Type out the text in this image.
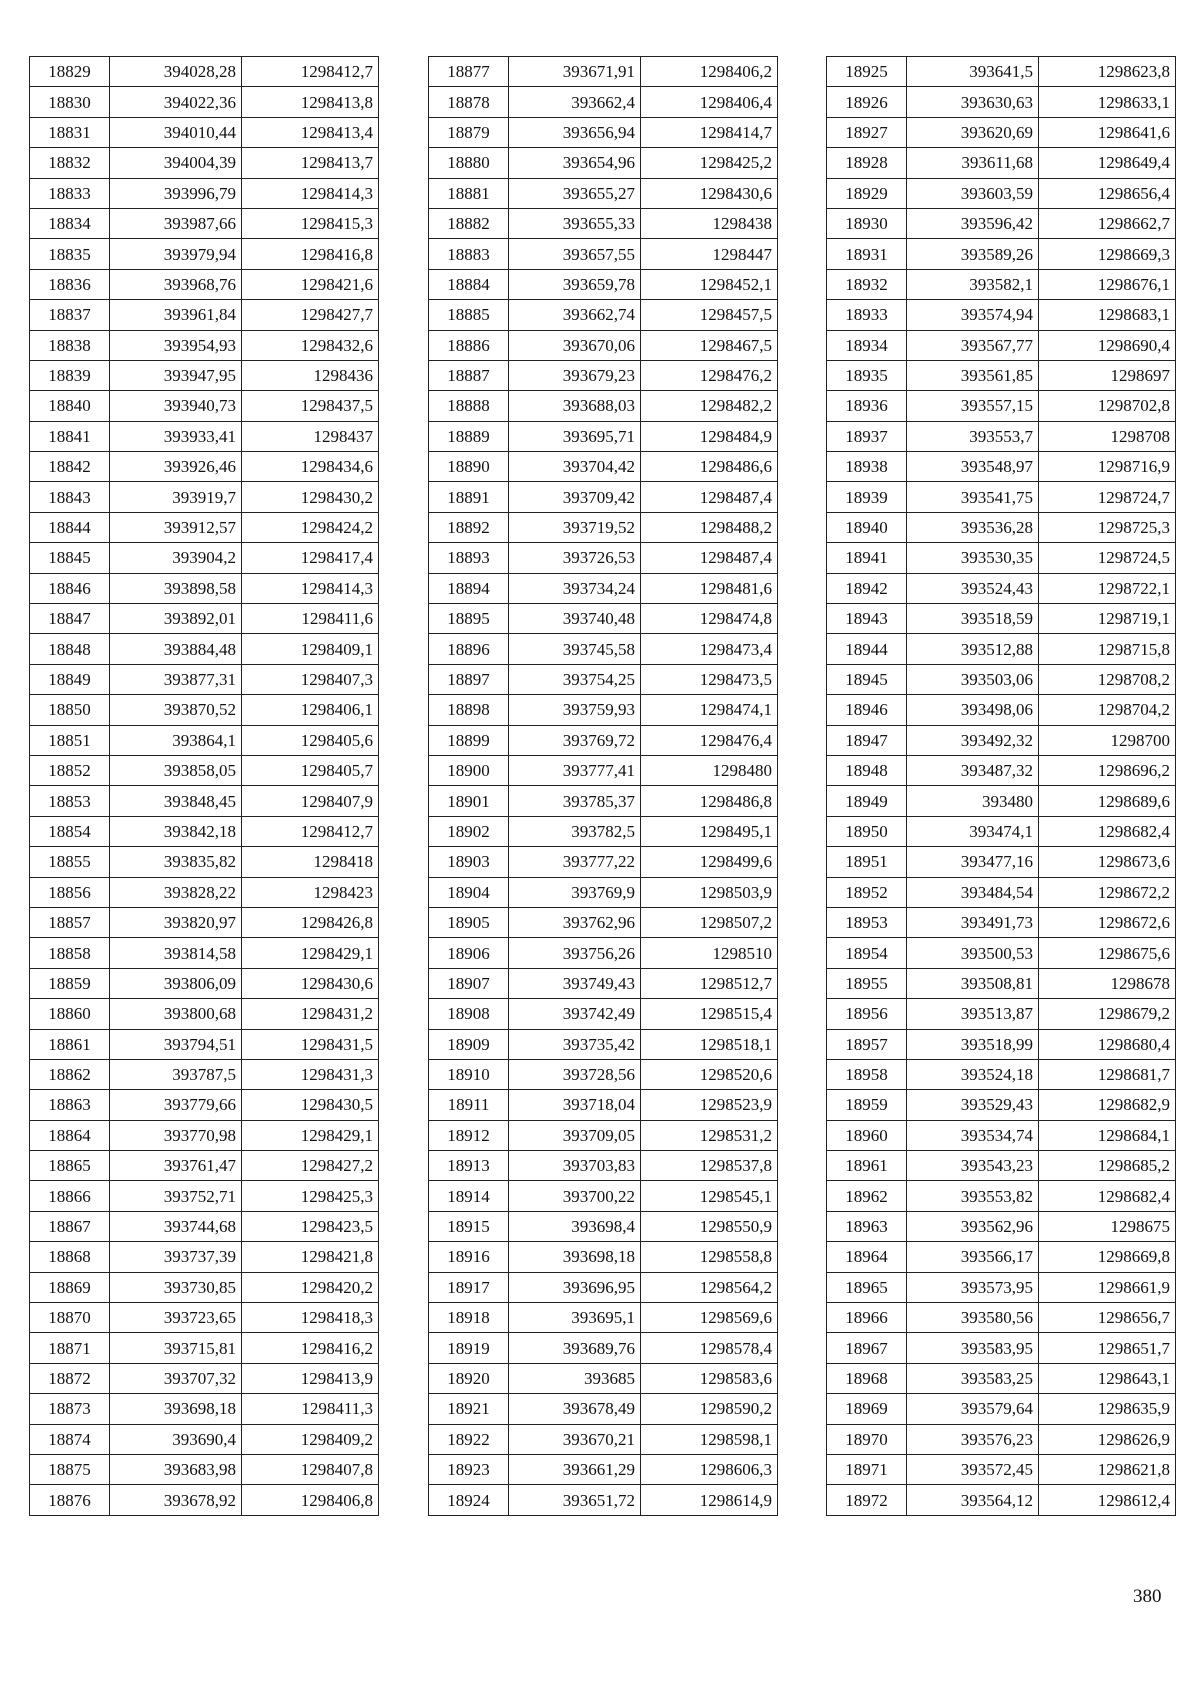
18829	394028,28	1298412,7
18830	394022,36	1298413,8
18831	394010,44	1298413,4
18832	394004,39	1298413,7
18833	393996,79	1298414,3
18834	393987,66	1298415,3
18835	393979,94	1298416,8
18836	393968,76	1298421,6
18837	393961,84	1298427,7
18838	393954,93	1298432,6
18839	393947,95	1298436
18840	393940,73	1298437,5
18841	393933,41	1298437
18842	393926,46	1298434,6
18843	393919,7	1298430,2
18844	393912,57	1298424,2
18845	393904,2	1298417,4
18846	393898,58	1298414,3
18847	393892,01	1298411,6
18848	393884,48	1298409,1
18849	393877,31	1298407,3
18850	393870,52	1298406,1
18851	393864,1	1298405,6
18852	393858,05	1298405,7
18853	393848,45	1298407,9
18854	393842,18	1298412,7
18855	393835,82	1298418
18856	393828,22	1298423
18857	393820,97	1298426,8
18858	393814,58	1298429,1
18859	393806,09	1298430,6
18860	393800,68	1298431,2
18861	393794,51	1298431,5
18862	393787,5	1298431,3
18863	393779,66	1298430,5
18864	393770,98	1298429,1
18865	393761,47	1298427,2
18866	393752,71	1298425,3
18867	393744,68	1298423,5
18868	393737,39	1298421,8
18869	393730,85	1298420,2
18870	393723,65	1298418,3
18871	393715,81	1298416,2
18872	393707,32	1298413,9
18873	393698,18	1298411,3
18874	393690,4	1298409,2
18875	393683,98	1298407,8
18876	393678,92	1298406,8
18877	393671,91	1298406,2
18878	393662,4	1298406,4
18879	393656,94	1298414,7
18880	393654,96	1298425,2
18881	393655,27	1298430,6
18882	393655,33	1298438
18883	393657,55	1298447
18884	393659,78	1298452,1
18885	393662,74	1298457,5
18886	393670,06	1298467,5
18887	393679,23	1298476,2
18888	393688,03	1298482,2
18889	393695,71	1298484,9
18890	393704,42	1298486,6
18891	393709,42	1298487,4
18892	393719,52	1298488,2
18893	393726,53	1298487,4
18894	393734,24	1298481,6
18895	393740,48	1298474,8
18896	393745,58	1298473,4
18897	393754,25	1298473,5
18898	393759,93	1298474,1
18899	393769,72	1298476,4
18900	393777,41	1298480
18901	393785,37	1298486,8
18902	393782,5	1298495,1
18903	393777,22	1298499,6
18904	393769,9	1298503,9
18905	393762,96	1298507,2
18906	393756,26	1298510
18907	393749,43	1298512,7
18908	393742,49	1298515,4
18909	393735,42	1298518,1
18910	393728,56	1298520,6
18911	393718,04	1298523,9
18912	393709,05	1298531,2
18913	393703,83	1298537,8
18914	393700,22	1298545,1
18915	393698,4	1298550,9
18916	393698,18	1298558,8
18917	393696,95	1298564,2
18918	393695,1	1298569,6
18919	393689,76	1298578,4
18920	393685	1298583,6
18921	393678,49	1298590,2
18922	393670,21	1298598,1
18923	393661,29	1298606,3
18924	393651,72	1298614,9
18925	393641,5	1298623,8
18926	393630,63	1298633,1
18927	393620,69	1298641,6
18928	393611,68	1298649,4
18929	393603,59	1298656,4
18930	393596,42	1298662,7
18931	393589,26	1298669,3
18932	393582,1	1298676,1
18933	393574,94	1298683,1
18934	393567,77	1298690,4
18935	393561,85	1298697
18936	393557,15	1298702,8
18937	393553,7	1298708
18938	393548,97	1298716,9
18939	393541,75	1298724,7
18940	393536,28	1298725,3
18941	393530,35	1298724,5
18942	393524,43	1298722,1
18943	393518,59	1298719,1
18944	393512,88	1298715,8
18945	393503,06	1298708,2
18946	393498,06	1298704,2
18947	393492,32	1298700
18948	393487,32	1298696,2
18949	393480	1298689,6
18950	393474,1	1298682,4
18951	393477,16	1298673,6
18952	393484,54	1298672,2
18953	393491,73	1298672,6
18954	393500,53	1298675,6
18955	393508,81	1298678
18956	393513,87	1298679,2
18957	393518,99	1298680,4
18958	393524,18	1298681,7
18959	393529,43	1298682,9
18960	393534,74	1298684,1
18961	393543,23	1298685,2
18962	393553,82	1298682,4
18963	393562,96	1298675
18964	393566,17	1298669,8
18965	393573,95	1298661,9
18966	393580,56	1298656,7
18967	393583,95	1298651,7
18968	393583,25	1298643,1
18969	393579,64	1298635,9
18970	393576,23	1298626,9
18971	393572,45	1298621,8
18972	393564,12	1298612,4
380
